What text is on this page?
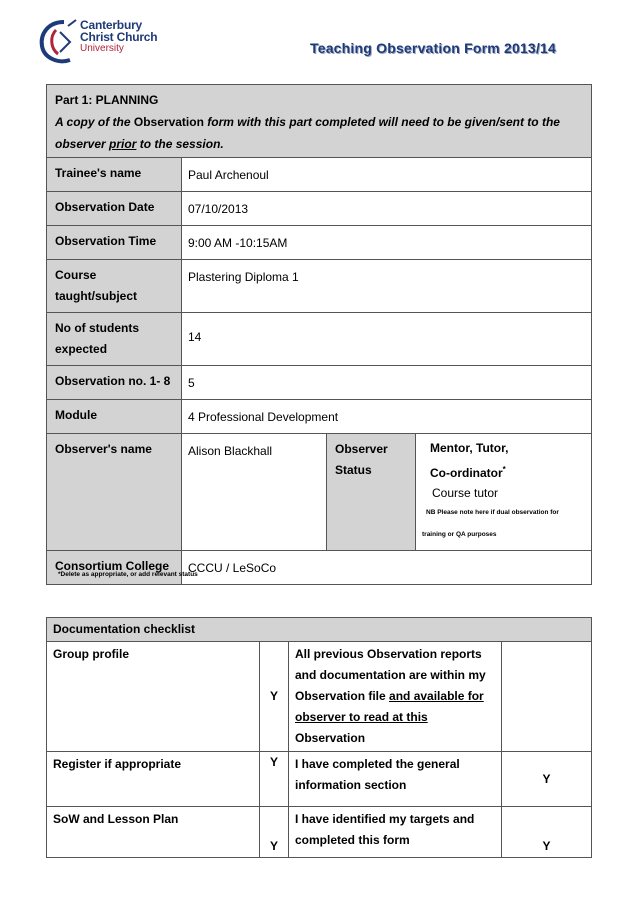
Canterbury
Christ Church
University	Teaching Observation Form 2013/14
Part 1: PLANNING
A copy of the Observation form with this part completed will need to be given/sent to the observer prior to the session.			

Trainee's name	Paul Archenoul		
Observation Date	07/10/2013		
Observation Time	9:00 AM -10:15AM		
Course taught/subject	Plastering Diploma 1		
No of students expected	14		
Observation no. 1- 8	5		
Module	4 Professional Development		
Observer's name	Alison Blackhall	Observer Status	Mentor, Tutor,
Co-ordinator*
Course tutor
NB Please note here if dual observation for
training or QA purposes

Consortium College	CCCU / LeSoCo		
*Delete as appropriate, or add relevant status
Documentation checklist			
Group profile	Y	All previous Observation reports and documentation are within my Observation file and available for observer to read at this Observation	
Register if appropriate	Y	I have completed the general information section	Y
SoW and Lesson Plan	Y	I have identified my targets and completed this form	Y
